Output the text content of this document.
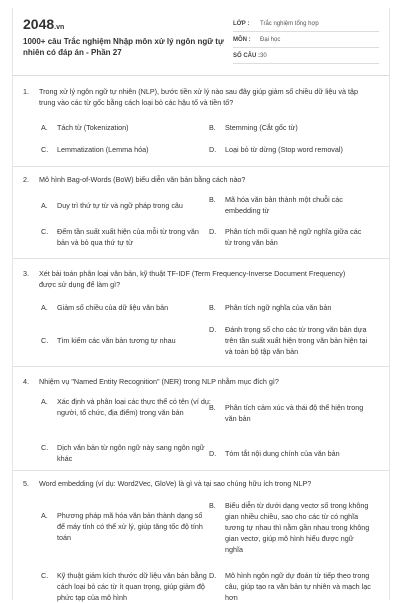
2048.vn
1000+ câu Trắc nghiệm Nhập môn xử lý ngôn ngữ tự nhiên có đáp án - Phần 27
LỚP :	Trắc nghiệm tổng hợp
MÔN :	Đại học
SỐ CÂU : 30
1.	Trong xử lý ngôn ngữ tự nhiên (NLP), bước tiền xử lý nào sau đây giúp giảm số chiều dữ liệu và tập trung vào các từ gốc bằng cách loại bỏ các hậu tố và tiền tố?
A.	Tách từ (Tokenization)	B.	Stemming (Cắt gốc từ)
C.	Lemmatization (Lemma hóa)	D.	Loại bỏ từ dừng (Stop word removal)
2.	Mô hình Bag-of-Words (BoW) biểu diễn văn bản bằng cách nào?
A.	Duy trì thứ tự từ và ngữ pháp trong câu
B.	Mã hóa văn bản thành một chuỗi các embedding từ
C.	Đếm tần suất xuất hiện của mỗi từ trong văn bản và bỏ qua thứ tự từ
D.	Phân tích mối quan hệ ngữ nghĩa giữa các từ trong văn bản
3.	Xét bài toán phân loại văn bản, kỹ thuật TF-IDF (Term Frequency-Inverse Document Frequency) được sử dụng để làm gì?
A.	Giảm số chiều của dữ liệu văn bản	B.	Phân tích ngữ nghĩa của văn bản
C.	Tìm kiếm các văn bản tương tự nhau
D.	Đánh trọng số cho các từ trong văn bản dựa trên tần suất xuất hiện trong văn bản hiện tại và toàn bộ tập văn bản
4.	Nhiệm vụ "Named Entity Recognition" (NER) trong NLP nhằm mục đích gì?
A.	Xác định và phân loại các thực thể có tên (ví dụ: người, tổ chức, địa điểm) trong văn bản
B.	Phân tích cảm xúc và thái độ thể hiện trong văn bản
C.	Dịch văn bản từ ngôn ngữ này sang ngôn ngữ khác
D.	Tóm tắt nội dung chính của văn bản
5.	Word embedding (ví dụ: Word2Vec, GloVe) là gì và tại sao chúng hữu ích trong NLP?
A.	Phương pháp mã hóa văn bản thành dạng số để máy tính có thể xử lý, giúp tăng tốc độ tính toán
B.	Biểu diễn từ dưới dạng vectơ số trong không gian nhiều chiều, sao cho các từ có nghĩa tương tự nhau thì nằm gần nhau trong không gian vectơ, giúp mô hình hiểu được ngữ nghĩa
C.	Kỹ thuật giảm kích thước dữ liệu văn bản bằng cách loại bỏ các từ ít quan trọng, giúp giảm độ phức tạp của mô hình
D.	Mô hình ngôn ngữ dự đoán từ tiếp theo trong câu, giúp tạo ra văn bản tự nhiên và mạch lạc hơn
